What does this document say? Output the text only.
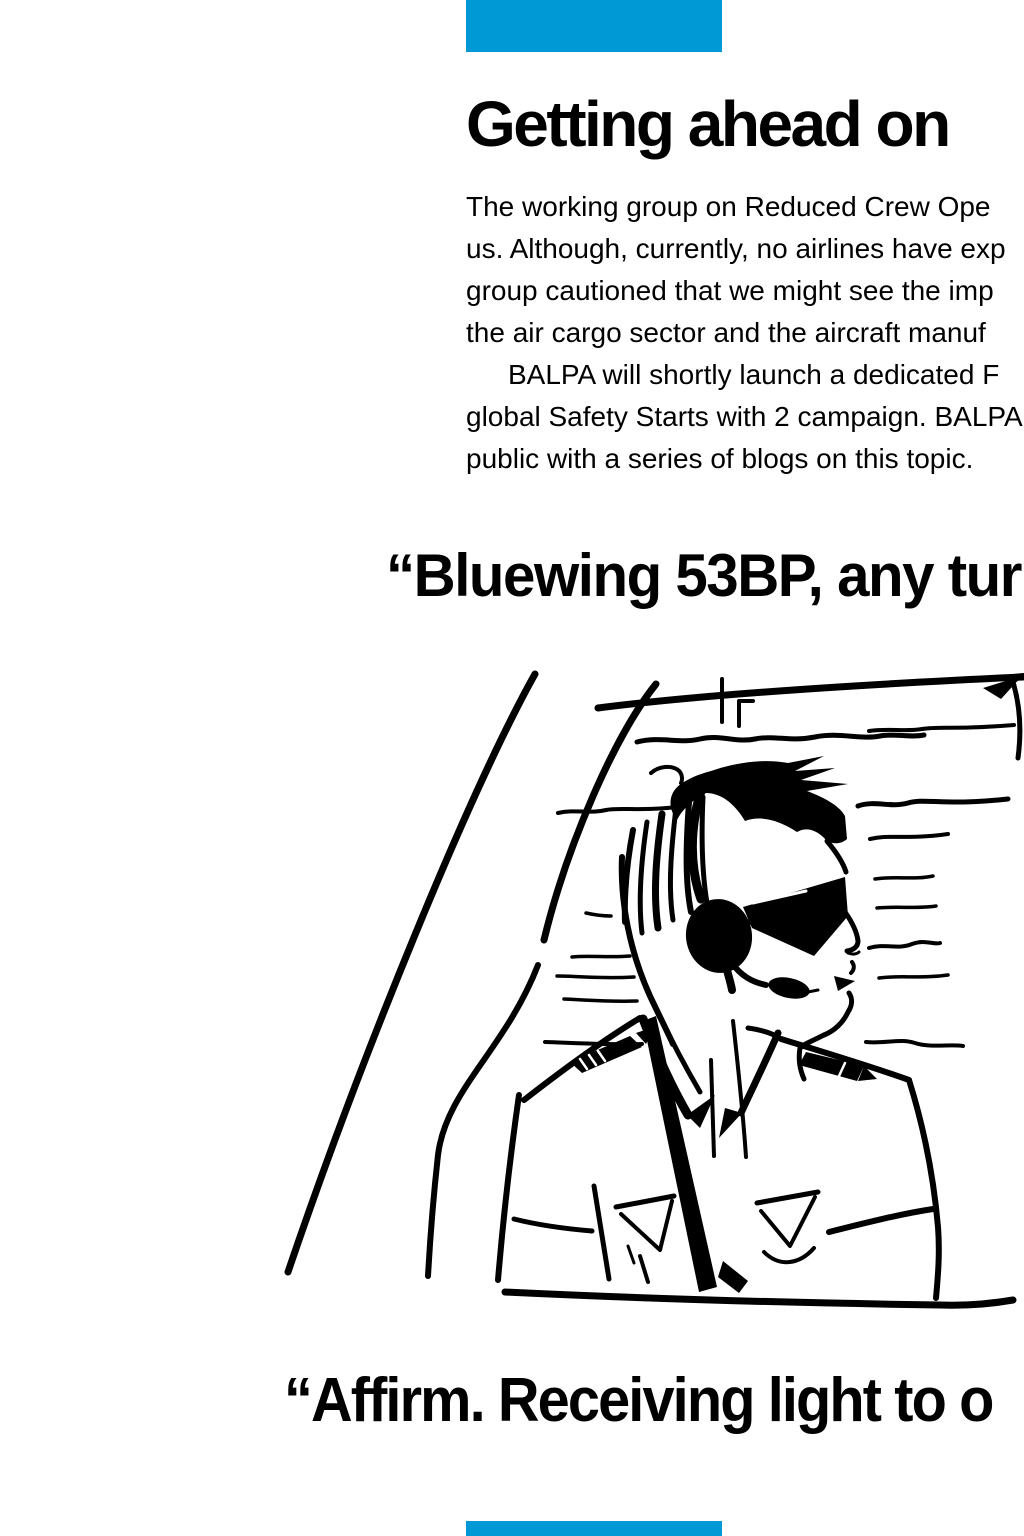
Getting ahead on
The working group on Reduced Crew Ope
us. Although, currently, no airlines have exp
group cautioned that we might see the imp
the air cargo sector and the aircraft manuf
BALPA will shortly launch a dedicated F
global Safety Starts with 2 campaign. BALPA
public with a series of blogs on this topic.
“Bluewing 53BP, any tur
“Affirm. Receiving light to o
